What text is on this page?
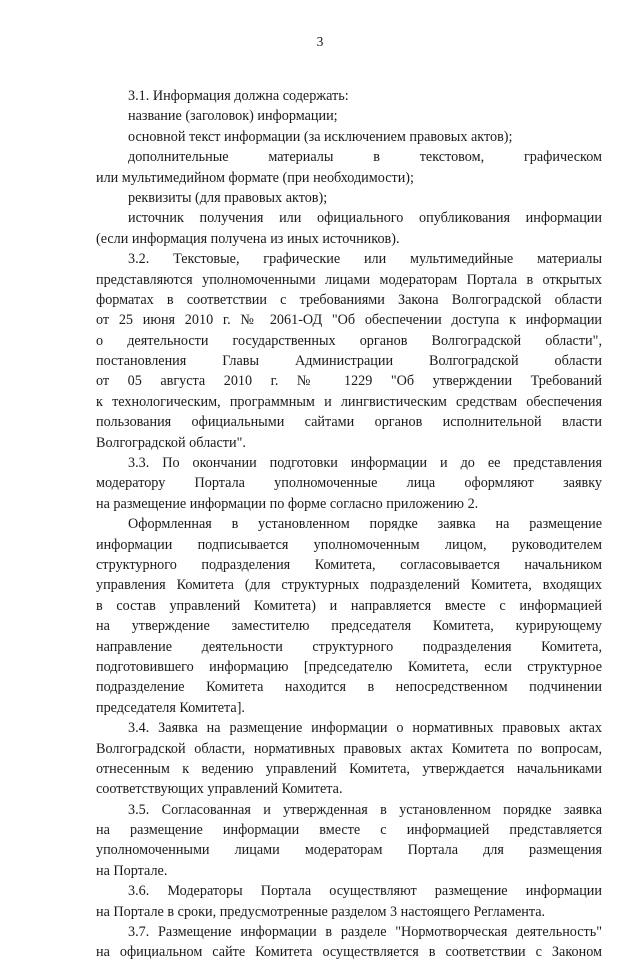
3
3.1. Информация должна содержать:
название (заголовок) информации;
основной текст информации (за исключением правовых актов);
дополнительные материалы в текстовом, графическом
или мультимедийном формате (при необходимости);
реквизиты (для правовых актов);
источник получения или официального опубликования информации
(если информация получена из иных источников).
3.2. Текстовые, графические или мультимедийные материалы
представляются уполномоченными лицами модераторам Портала в открытых
форматах в соответствии с требованиями Закона Волгоградской области
от 25 июня 2010 г. № 2061-ОД "Об обеспечении доступа к информации
о деятельности государственных органов Волгоградской области",
постановления Главы Администрации Волгоградской области
от 05 августа 2010 г. № 1229 "Об утверждении Требований
к технологическим, программным и лингвистическим средствам обеспечения
пользования официальными сайтами органов исполнительной власти
Волгоградской области".
3.3. По окончании подготовки информации и до ее представления
модератору Портала уполномоченные лица оформляют заявку
на размещение информации по форме согласно приложению 2.
Оформленная в установленном порядке заявка на размещение
информации подписывается уполномоченным лицом, руководителем
структурного подразделения Комитета, согласовывается начальником
управления Комитета (для структурных подразделений Комитета, входящих
в состав управлений Комитета) и направляется вместе с информацией
на утверждение заместителю председателя Комитета, курирующему
направление деятельности структурного подразделения Комитета,
подготовившего информацию [председателю Комитета, если структурное
подразделение Комитета находится в непосредственном подчинении
председателя Комитета].
3.4. Заявка на размещение информации о нормативных правовых актах
Волгоградской области, нормативных правовых актах Комитета по вопросам,
отнесенным к ведению управлений Комитета, утверждается начальниками
соответствующих управлений Комитета.
3.5. Согласованная и утвержденная в установленном порядке заявка
на размещение информации вместе с информацией представляется
уполномоченными лицами модераторам Портала для размещения
на Портале.
3.6. Модераторы Портала осуществляют размещение информации
на Портале в сроки, предусмотренные разделом 3 настоящего Регламента.
3.7. Размещение информации в разделе "Нормотворческая деятельность"
на официальном сайте Комитета осуществляется в соответствии с Законом
